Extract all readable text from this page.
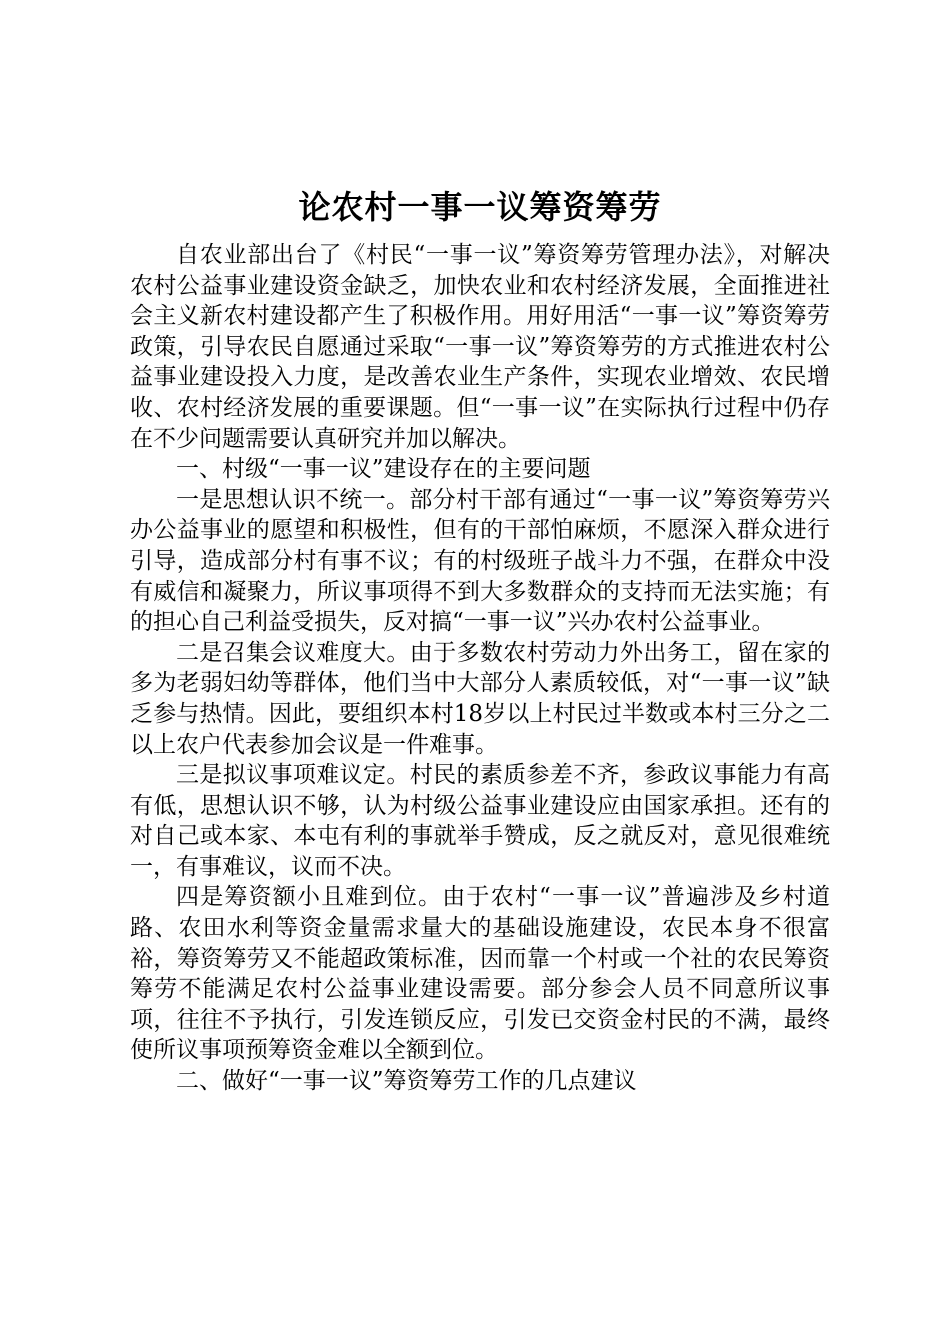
论农村一事一议筹资筹劳

自农业部出台了《村民“一事一议”筹资筹劳管理办法》，对解决农村公益事业建设资金缺乏，加快农业和农村经济发展，全面推进社会主义新农村建设都产生了积极作用。用好用活“一事一议”筹资筹劳政策，引导农民自愿通过采取“一事一议”筹资筹劳的方式推进农村公益事业建设投入力度，是改善农业生产条件，实现农业增效、农民增收、农村经济发展的重要课题。但“一事一议”在实际执行过程中仍存在不少问题需要认真研究并加以解决。

一、村级“一事一议”建设存在的主要问题

一是思想认识不统一。部分村干部有通过“一事一议”筹资筹劳兴办公益事业的愿望和积极性，但有的干部怕麻烦，不愿深入群众进行引导，造成部分村有事不议；有的村级班子战斗力不强，在群众中没有威信和凝聚力，所议事项得不到大多数群众的支持而无法实施；有的担心自己利益受损失，反对搞“一事一议”兴办农村公益事业。

二是召集会议难度大。由于多数农村劳动力外出务工，留在家的多为老弱妇幼等群体，他们当中大部分人素质较低，对“一事一议”缺乏参与热情。因此，要组织本村18岁以上村民过半数或本村三分之二以上农户代表参加会议是一件难事。

三是拟议事项难议定。村民的素质参差不齐，参政议事能力有高有低，思想认识不够，认为村级公益事业建设应由国家承担。还有的对自己或本家、本屯有利的事就举手赞成，反之就反对，意见很难统一，有事难议，议而不决。

四是筹资额小且难到位。由于农村“一事一议”普遍涉及乡村道路、农田水利等资金量需求量大的基础设施建设，农民本身不很富裕，筹资筹劳又不能超政策标准，因而靠一个村或一个社的农民筹资筹劳不能满足农村公益事业建设需要。部分参会人员不同意所议事项，往往不予执行，引发连锁反应，引发已交资金村民的不满，最终使所议事项预筹资金难以全额到位。

二、做好“一事一议”筹资筹劳工作的几点建议
